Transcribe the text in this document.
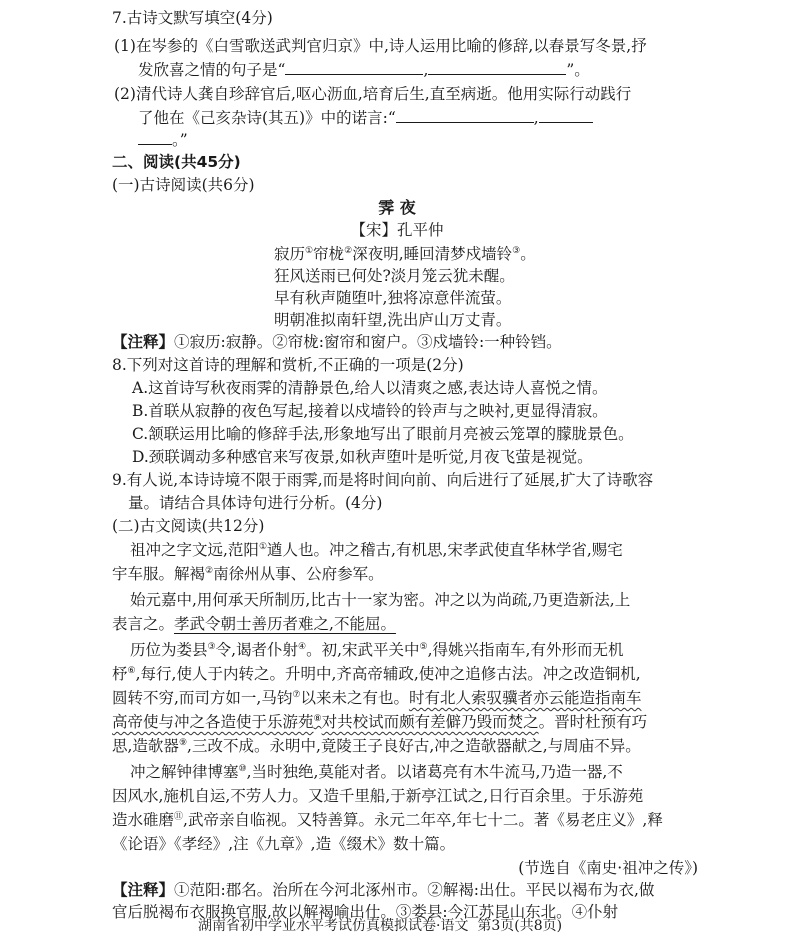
7.古诗文默写填空(4分)
(1)在岑参的《白雪歌送武判官归京》中,诗人运用比喻的修辞,以春景写冬景,抒
发欣喜之情的句子是“	,	”。
(2)清代诗人龚自珍辞官后,呕心沥血,培育后生,直至病逝。他用实际行动践行
了他在《己亥杂诗(其五)》中的诺言:“	,
。”
二、阅读(共45分)
(一)古诗阅读(共6分)
霁 夜
【宋】孔平仲
寂历①帘栊②深夜明,睡回清梦戍墙铃③。
狂风送雨已何处?淡月笼云犹未醒。
早有秋声随堕叶,独将凉意伴流萤。
明朝准拟南轩望,洗出庐山万丈青。
【注释】①寂历:寂静。②帘栊:窗帘和窗户。③戍墙铃:一种铃铛。
8.下列对这首诗的理解和赏析,不正确的一项是(2分)
A.这首诗写秋夜雨霁的清静景色,给人以清爽之感,表达诗人喜悦之情。
B.首联从寂静的夜色写起,接着以戍墙铃的铃声与之映衬,更显得清寂。
C.颔联运用比喻的修辞手法,形象地写出了眼前月亮被云笼罩的朦胧景色。
D.颈联调动多种感官来写夜景,如秋声堕叶是听觉,月夜飞萤是视觉。
9.有人说,本诗诗境不限于雨霁,而是将时间向前、向后进行了延展,扩大了诗歌容
量。请结合具体诗句进行分析。(4分)
(二)古文阅读(共12分)
祖冲之字文远,范阳①遒人也。冲之稽古,有机思,宋孝武使直华林学省,赐宅
宇车服。解褐②南徐州从事、公府参军。
始元嘉中,用何承天所制历,比古十一家为密。冲之以为尚疏,乃更造新法,上
表言之。孝武令朝士善历者难之,不能屈。
历位为娄县③令,谒者仆射④。初,宋武平关中⑤,得姚兴指南车,有外形而无机
杼⑥,每行,使人于内转之。升明中,齐高帝辅政,使冲之追修古法。冲之改造铜机,
圆转不穷,而司方如一,马钧⑦以来未之有也。时有北人索驭骥者亦云能造指南车
高帝使与冲之各造使于乐游苑⑧对共校试而颇有差僻乃毁而焚之。晋时杜预有巧
思,造欹器⑨,三改不成。永明中,竟陵王子良好古,冲之造欹器献之,与周庙不异。
冲之解钟律博塞⑩,当时独绝,莫能对者。以诸葛亮有木牛流马,乃造一器,不
因风水,施机自运,不劳人力。又造千里船,于新亭江试之,日行百余里。于乐游苑
造水碓磨⑪,武帝亲自临视。又特善算。永元二年卒,年七十二。著《易老庄义》,释
《论语》《孝经》,注《九章》,造《缀术》数十篇。
(节选自《南史·祖冲之传》)
【注释】①范阳:郡名。治所在今河北涿州市。②解褐:出仕。平民以褐布为衣,做
官后脱褐布衣服换官服,故以解褐喻出仕。③娄县:今江苏昆山东北。④仆射
湖南省初中学业水平考试仿真模拟试卷·语文 第3页(共8页)
